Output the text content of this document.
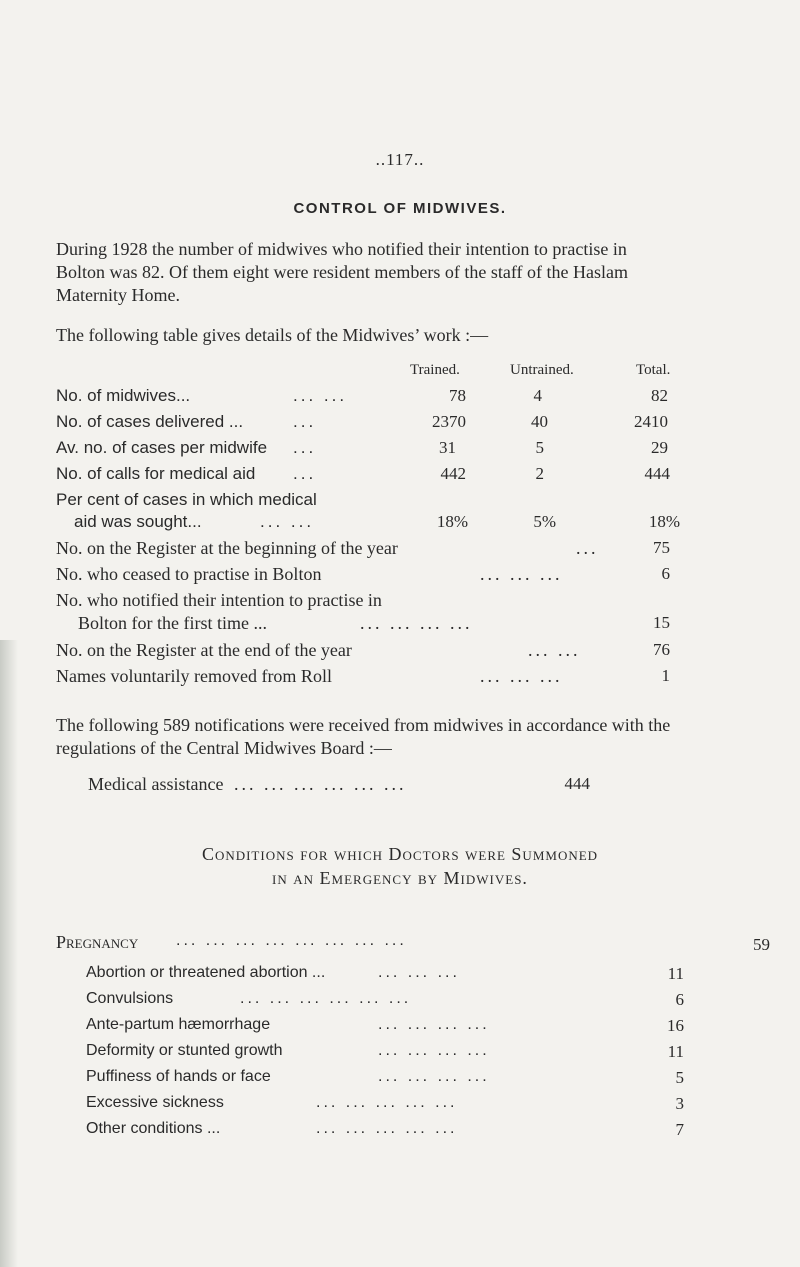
..117..
CONTROL OF MIDWIVES.
During 1928 the number of midwives who notified their intention to practise in Bolton was 82. Of them eight were resident members of the staff of the Haslam Maternity Home.
The following table gives details of the Midwives’ work :—
Trained.	Untrained.	Total.
No. of midwives...	... ...	78	4	82
No. of cases delivered ...	...	2370	40	2410
Av. no. of cases per midwife ...	31	5	29
No. of calls for medical aid ...	442	2	444
Per cent of cases in which medical
aid was sought...	... ...	18%	5%	18%
No. on the Register at the beginning of the year	...	75
No. who ceased to practise in Bolton	... ... ...	6
No. who notified their intention to practise in
Bolton for the first time ...	... ... ... ...	15
No. on the Register at the end of the year	... ...	76
Names voluntarily removed from Roll	... ... ...	1
The following 589 notifications were received from midwives in accordance with the regulations of the Central Midwives Board :—
Medical assistance ... ... ... ... ... ...	444
Conditions for which Doctors were Summoned
in an Emergency by Midwives.
Pregnancy ... ... ... ... ... ... ... ...	59
Abortion or threatened abortion ...	... ... ...	11
Convulsions	... ... ... ... ... ...	6
Ante-partum hæmorrhage	... ... ... ...	16
Deformity or stunted growth	... ... ... ...	11
Puffiness of hands or face	... ... ... ...	5
Excessive sickness	... ... ... ... ...	3
Other conditions ...	... ... ... ... ...	7
